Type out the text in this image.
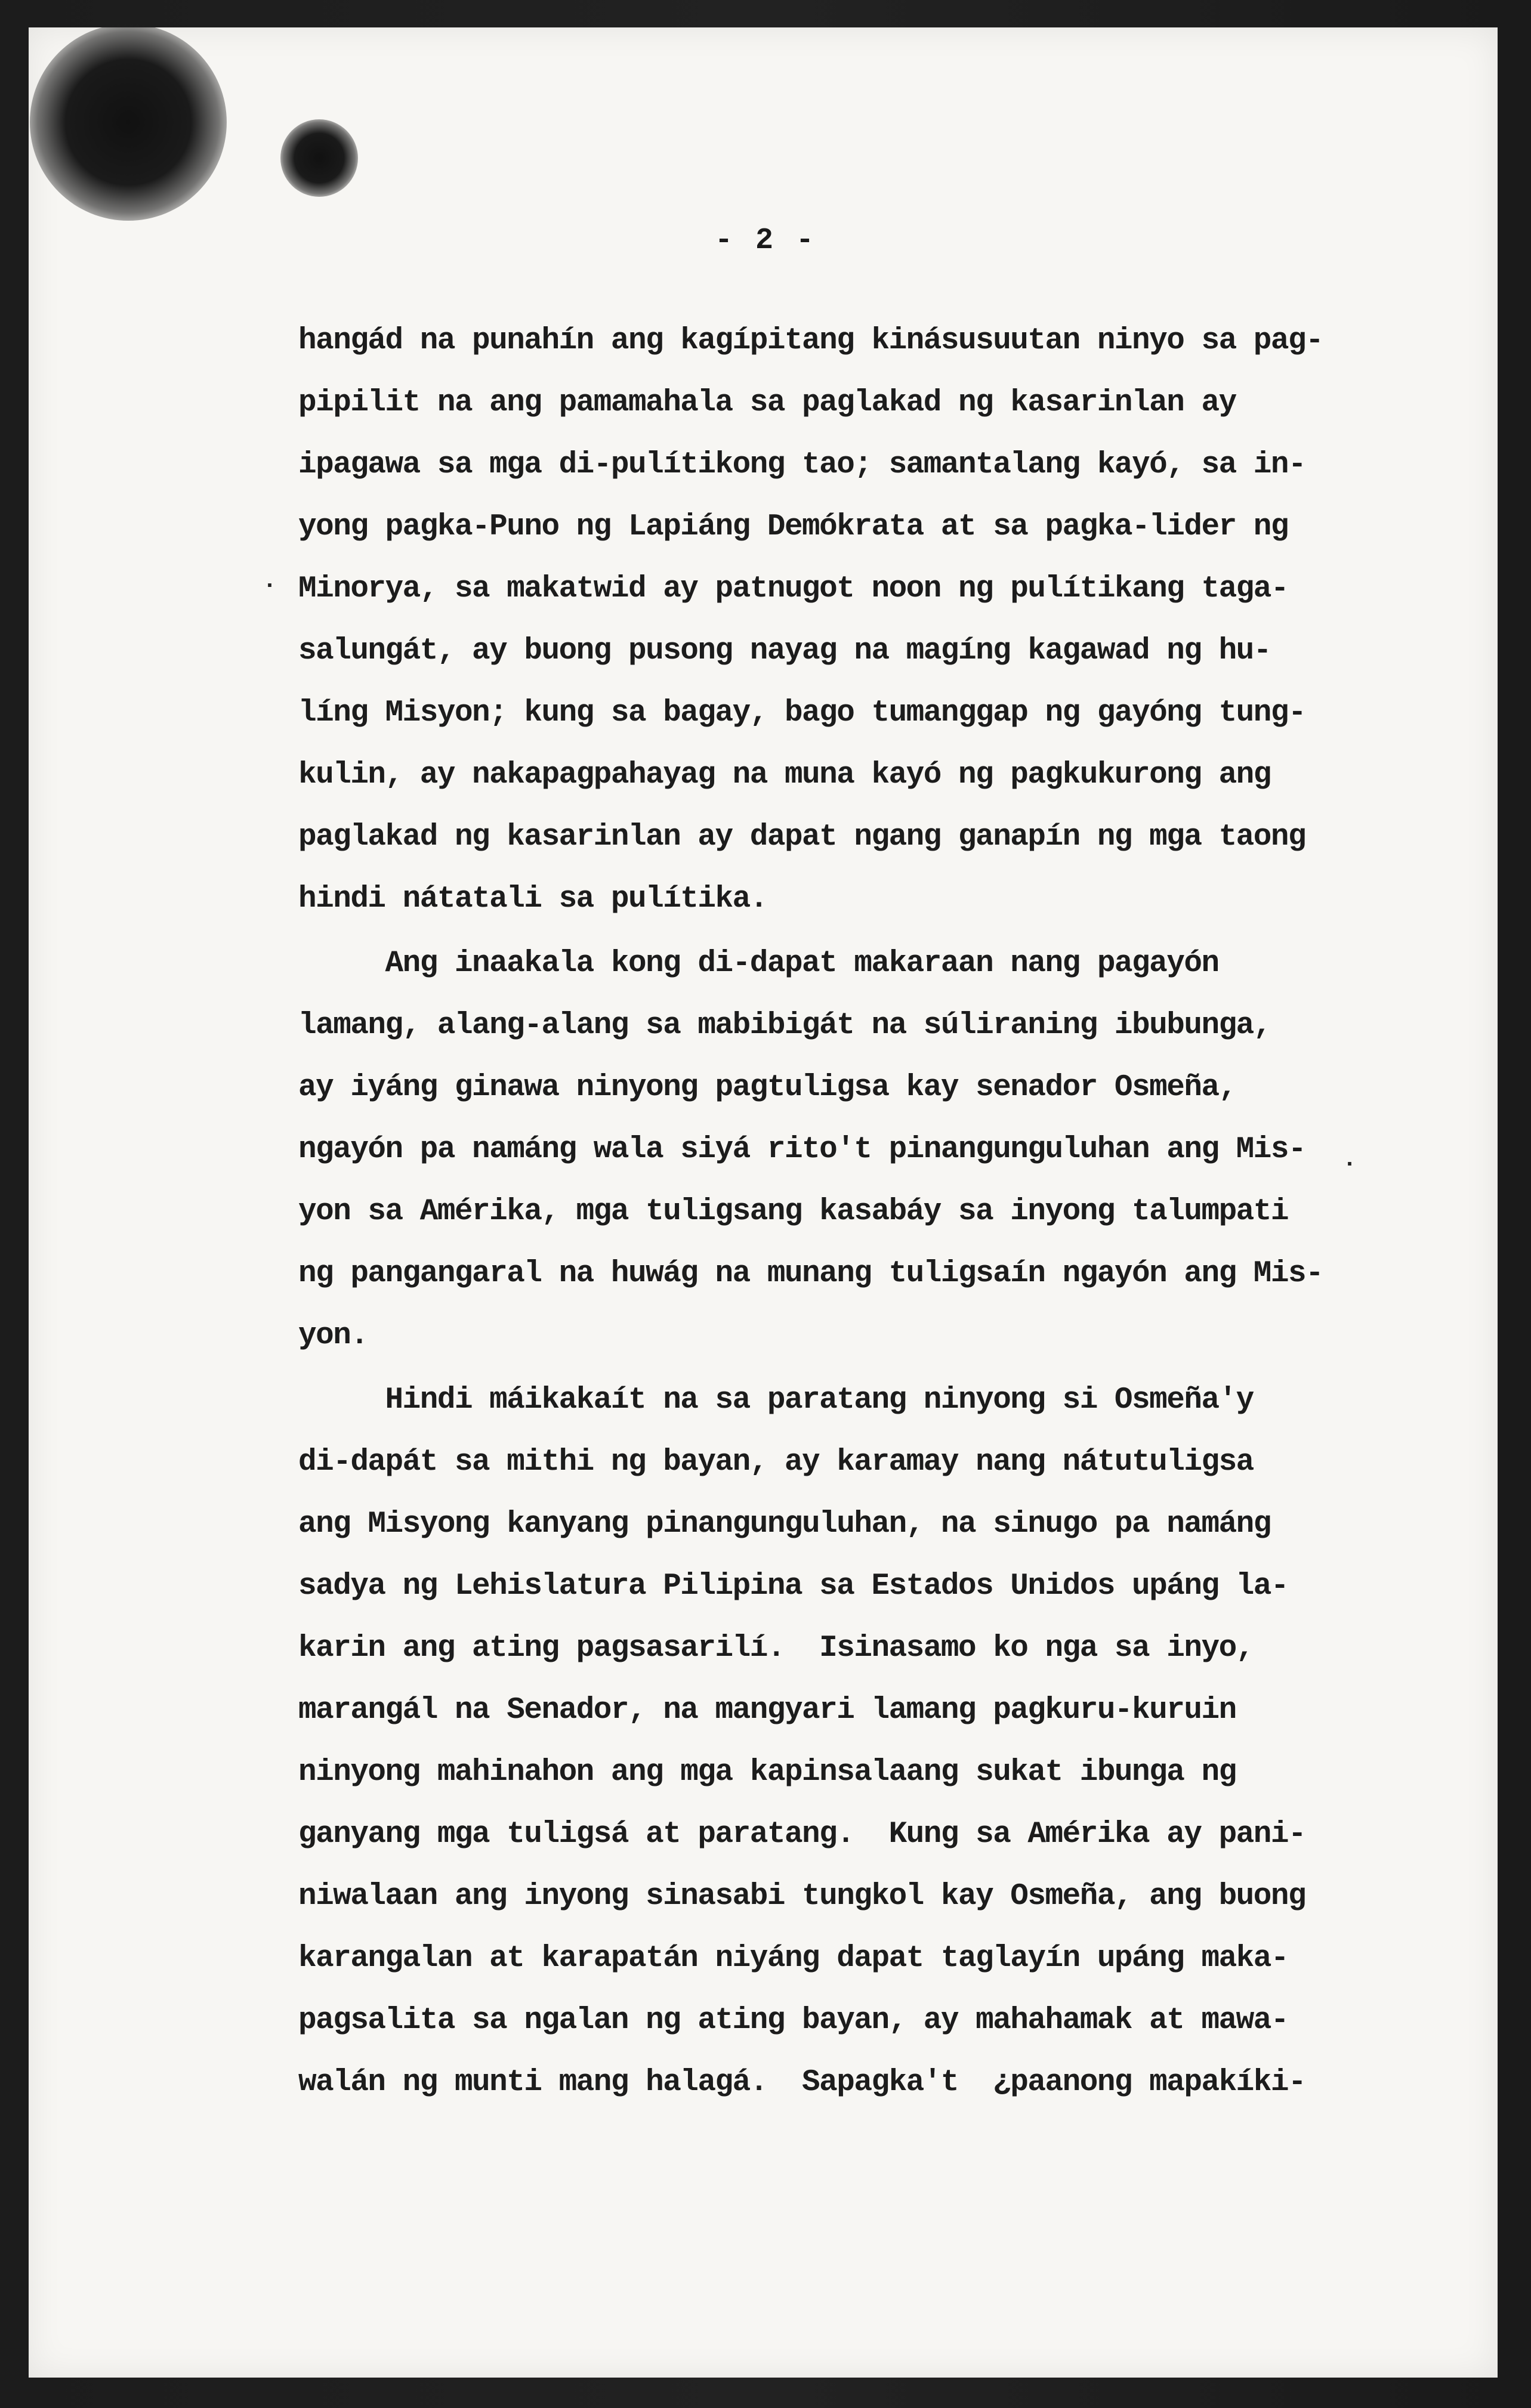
- 2 -
·
·
hangád na punahín ang kagípitang kinásusuutan ninyo sa pag-
pipilit na ang pamamahala sa paglakad ng kasarinlan ay
ipagawa sa mga di-pulítikong tao; samantalang kayó, sa in-
yong pagka-Puno ng Lapiáng Demókrata at sa pagka-lider ng
Minorya, sa makatwid ay patnugot noon ng pulítikang taga-
salungát, ay buong pusong nayag na magíng kagawad ng hu-
líng Misyon; kung sa bagay, bago tumanggap ng gayóng tung-
kulin, ay nakapagpahayag na muna kayó ng pagkukurong ang
paglakad ng kasarinlan ay dapat ngang ganapín ng mga taong
hindi nátatali sa pulítika.
Ang inaakala kong di-dapat makaraan nang pagayón
lamang, alang-alang sa mabibigát na súliraning ibubunga,
ay iyáng ginawa ninyong pagtuligsa kay senador Osmeña,
ngayón pa namáng wala siyá rito't pinangunguluhan ang Mis-
yon sa Amérika, mga tuligsang kasabáy sa inyong talumpati
ng pangangaral na huwág na munang tuligsaín ngayón ang Mis-
yon.
Hindi máikakaít na sa paratang ninyong si Osmeña'y
di-dapát sa mithi ng bayan, ay karamay nang nátutuligsa
ang Misyong kanyang pinangunguluhan, na sinugo pa namáng
sadya ng Lehislatura Pilipina sa Estados Unidos upáng la-
karin ang ating pagsasarilí.  Isinasamo ko nga sa inyo,
marangál na Senador, na mangyari lamang pagkuru-kuruin
ninyong mahinahon ang mga kapinsalaang sukat ibunga ng
ganyang mga tuligsá at paratang.  Kung sa Amérika ay pani-
niwalaan ang inyong sinasabi tungkol kay Osmeña, ang buong
karangalan at karapatán niyáng dapat taglayín upáng maka-
pagsalita sa ngalan ng ating bayan, ay mahahamak at mawa-
walán ng munti mang halagá.  Sapagka't  ¿paanong mapakíki-
